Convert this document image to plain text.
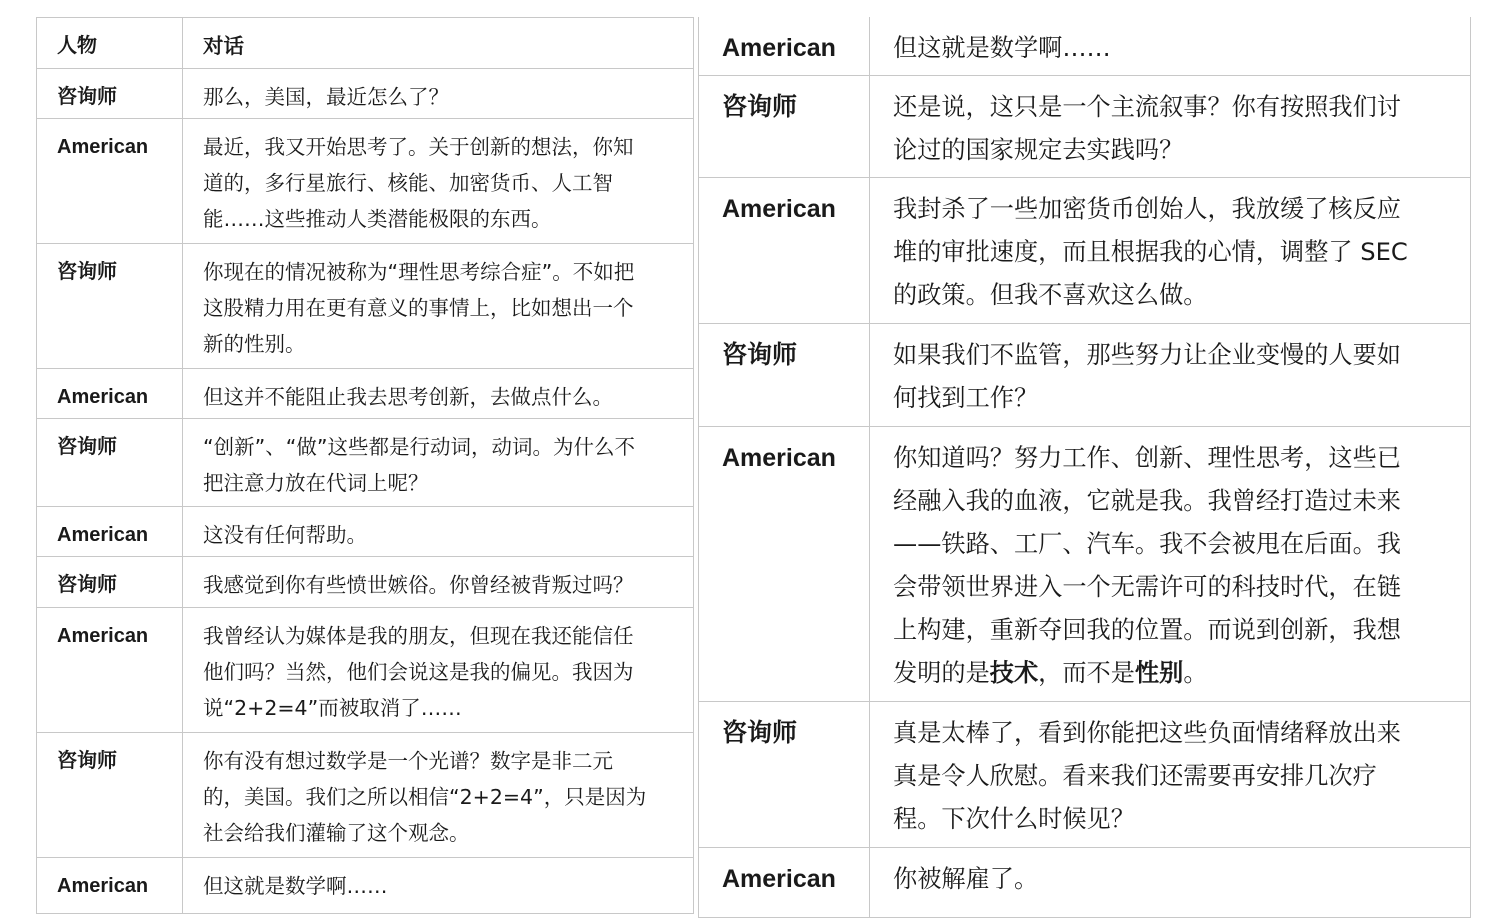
人物	对话
咨询师	那么，美国，最近怎么了？
American	最近，我又开始思考了。关于创新的想法，你知
道的，多行星旅行、核能、加密货币、人工智
能……这些推动人类潜能极限的东西。
咨询师	你现在的情况被称为“理性思考综合症”。不如把
这股精力用在更有意义的事情上，比如想出一个
新的性别。
American	但这并不能阻止我去思考创新，去做点什么。
咨询师	“创新”、“做”这些都是行动词，动词。为什么不
把注意力放在代词上呢？
American	这没有任何帮助。
咨询师	我感觉到你有些愤世嫉俗。你曾经被背叛过吗？
American	我曾经认为媒体是我的朋友，但现在我还能信任
他们吗？当然，他们会说这是我的偏见。我因为
说“2+2=4”而被取消了……
咨询师	你有没有想过数学是一个光谱？数字是非二元
的，美国。我们之所以相信“2+2=4”，只是因为
社会给我们灌输了这个观念。
American	但这就是数学啊……
American	但这就是数学啊……
咨询师	还是说，这只是一个主流叙事？你有按照我们讨
论过的国家规定去实践吗？
American	我封杀了一些加密货币创始人，我放缓了核反应
堆的审批速度，而且根据我的心情，调整了 SEC
的政策。但我不喜欢这么做。
咨询师	如果我们不监管，那些努力让企业变慢的人要如
何找到工作？
American	你知道吗？努力工作、创新、理性思考，这些已
经融入我的血液，它就是我。我曾经打造过未来
——铁路、工厂、汽车。我不会被甩在后面。我
会带领世界进入一个无需许可的科技时代，在链
上构建，重新夺回我的位置。而说到创新，我想
发明的是技术，而不是性别。
咨询师	真是太棒了，看到你能把这些负面情绪释放出来
真是令人欣慰。看来我们还需要再安排几次疗
程。下次什么时候见？
American	你被解雇了。
